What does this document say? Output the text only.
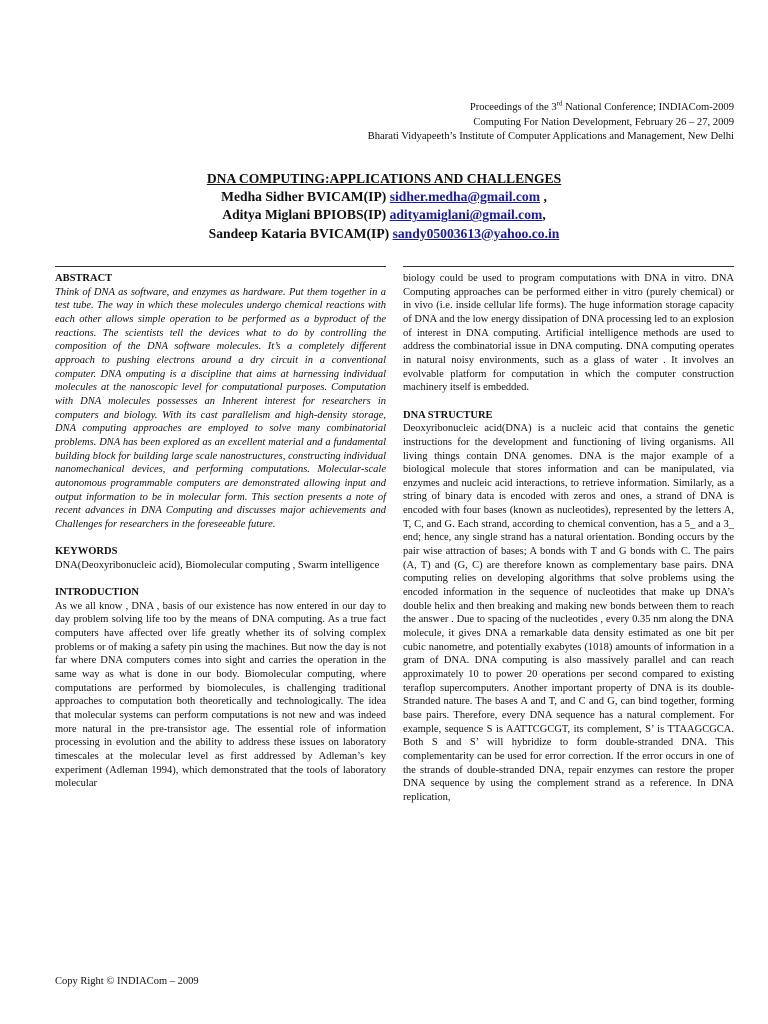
Proceedings of the 3rd National Conference; INDIACom-2009
Computing For Nation Development, February 26 – 27, 2009
Bharati Vidyapeeth’s Institute of Computer Applications and Management, New Delhi
DNA COMPUTING:APPLICATIONS AND CHALLENGES
Medha Sidher BVICAM(IP) sidher.medha@gmail.com ,
Aditya Miglani BPIOBS(IP) adityamiglani@gmail.com,
Sandeep Kataria BVICAM(IP) sandy05003613@yahoo.co.in
ABSTRACT
Think of DNA as software, and enzymes as hardware. Put them together in a test tube. The way in which these molecules undergo chemical reactions with each other allows simple operation to be performed as a byproduct of the reactions. The scientists tell the devices what to do by controlling the composition of the DNA software molecules. It’s a completely different approach to pushing electrons around a dry circuit in a conventional computer. DNA omputing is a discipline that aims at harnessing individual molecules at the nanoscopic level for computational purposes. Computation with DNA molecules possesses an Inherent interest for researchers in computers and biology. With its cast parallelism and high-density storage, DNA computing approaches are employed to solve many combinatorial problems. DNA has been explored as an excellent material and a fundamental building block for building large scale nanostructures, constructing individual nanomechanical devices, and performing computations. Molecular-scale autonomous programmable computers are demonstrated allowing input and output information to be in molecular form. This section presents a note of recent advances in DNA Computing and discusses major achievements and Challenges for researchers in the foreseeable future.
KEYWORDS
DNA(Deoxyribonucleic acid), Biomolecular computing , Swarm intelligence
INTRODUCTION
As we all know , DNA , basis of our existence has now entered in our day to day problem solving life too by the means of DNA computing. As a true fact computers have affected over life greatly whether its of solving complex problems or of making a safety pin using the machines. But now the day is not far where DNA computers comes into sight and carries the operation in the same way as what is done in our body. Biomolecular computing, where computations are performed by biomolecules, is challenging traditional approaches to computation both theoretically and technologically. The idea that molecular systems can perform computations is not new and was indeed more natural in the pre-transistor age. The essential role of information processing in evolution and the ability to address these issues on laboratory timescales at the molecular level as first addressed by Adleman’s key experiment (Adleman 1994), which demonstrated that the tools of laboratory molecular
biology could be used to program computations with DNA in vitro. DNA Computing approaches can be performed either in vitro (purely chemical) or in vivo (i.e. inside cellular life forms). The huge information storage capacity of DNA and the low energy dissipation of DNA processing led to an explosion of interest in DNA computing. Artificial intelligence methods are used to address the combinatorial issue in DNA computing. DNA computing operates in natural noisy environments, such as a glass of water . It involves an evolvable platform for computation in which the computer construction machinery itself is embedded.
DNA STRUCTURE
Deoxyribonucleic acid(DNA) is a nucleic acid that contains the genetic instructions for the development and functioning of living organisms. All living things contain DNA genomes. DNA is the major example of a biological molecule that stores information and can be manipulated, via enzymes and nucleic acid interactions, to retrieve information. Similarly, as a string of binary data is encoded with zeros and ones, a strand of DNA is encoded with four bases (known as nucleotides), represented by the letters A, T, C, and G. Each strand, according to chemical convention, has a 5_ and a 3_ end; hence, any single strand has a natural orientation. Bonding occurs by the pair wise attraction of bases; A bonds with T and G bonds with C. The pairs (A, T) and (G, C) are therefore known as complementary base pairs. DNA computing relies on developing algorithms that solve problems using the encoded information in the sequence of nucleotides that make up DNA’s double helix and then breaking and making new bonds between them to reach the answer . Due to spacing of the nucleotides , every 0.35 nm along the DNA molecule, it gives DNA a remarkable data density estimated as one bit per cubic nanometre, and potentially exabytes (1018) amounts of information in a gram of DNA. DNA computing is also massively parallel and can reach approximately 10 to power 20 operations per second compared to existing teraflop supercomputers. Another important property of DNA is its double- Stranded nature. The bases A and T, and C and G, can bind together, forming base pairs. Therefore, every DNA sequence has a natural complement. For example, sequence S is AATTCGCGT, its complement, S’ is TTAAGCGCA. Both S and S’ will hybridize to form double-stranded DNA. This complementarity can be used for error correction. If the error occurs in one of the strands of double-stranded DNA, repair enzymes can restore the proper DNA sequence by using the complement strand as a reference. In DNA replication,
Copy Right © INDIACom – 2009
